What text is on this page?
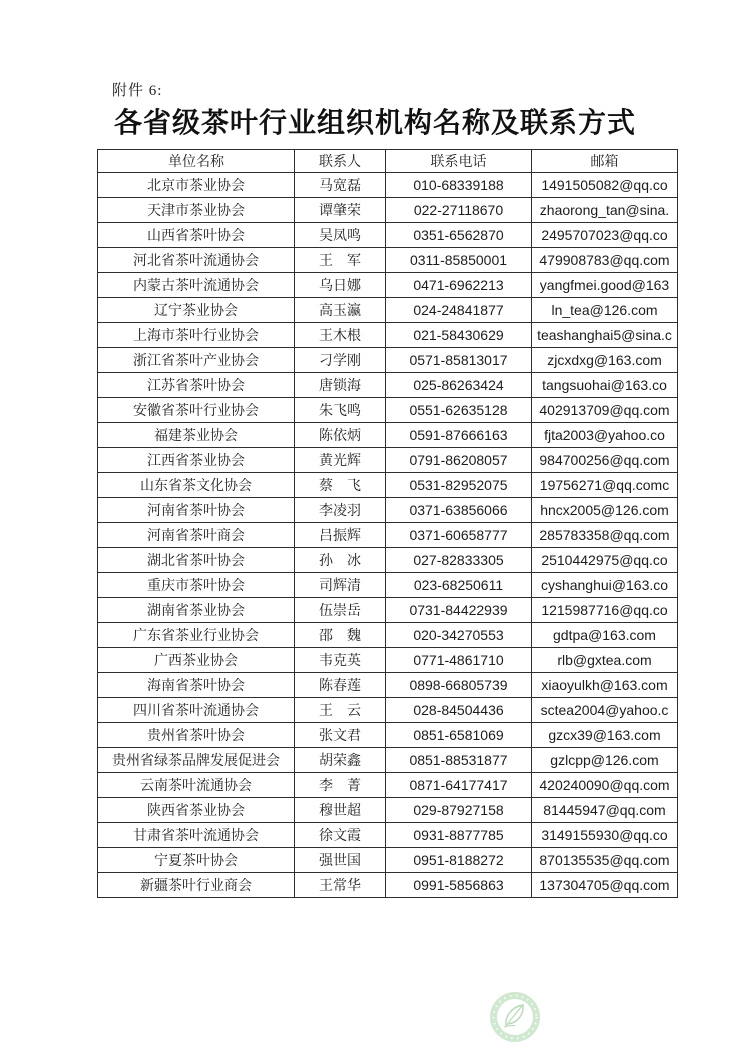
附件 6:
各省级茶叶行业组织机构名称及联系方式
单位名称	联系人	联系电话	邮箱
北京市茶业协会	马宽磊	010-68339188	1491505082@qq.co
天津市茶业协会	谭肇荣	022-27118670	zhaorong_tan@sina.
山西省茶叶协会	吴凤鸣	0351-6562870	2495707023@qq.co
河北省茶叶流通协会	王　军	0311-85850001	479908783@qq.com
内蒙古茶叶流通协会	乌日娜	0471-6962213	yangfmei.good@163
辽宁茶业协会	高玉瀛	024-24841877	ln_tea@126.com
上海市茶叶行业协会	王木根	021-58430629	teashanghai5@sina.c
浙江省茶叶产业协会	刁学刚	0571-85813017	zjcxdxg@163.com
江苏省茶叶协会	唐锁海	025-86263424	tangsuohai@163.co
安徽省茶叶行业协会	朱飞鸣	0551-62635128	402913709@qq.com
福建茶业协会	陈依炳	0591-87666163	fjta2003@yahoo.co
江西省茶业协会	黄光辉	0791-86208057	984700256@qq.com
山东省茶文化协会	蔡　飞	0531-82952075	19756271@qq.comc
河南省茶叶协会	李凌羽	0371-63856066	hncx2005@126.com
河南省茶叶商会	吕振辉	0371-60658777	285783358@qq.com
湖北省茶叶协会	孙　冰	027-82833305	2510442975@qq.co
重庆市茶叶协会	司辉清	023-68250611	cyshanghui@163.co
湖南省茶业协会	伍崇岳	0731-84422939	1215987716@qq.co
广东省茶业行业协会	邵　魏	020-34270553	gdtpa@163.com
广西茶业协会	韦克英	0771-4861710	rlb@gxtea.com
海南省茶叶协会	陈春莲	0898-66805739	xiaoyulkh@163.com
四川省茶叶流通协会	王　云	028-84504436	sctea2004@yahoo.c
贵州省茶叶协会	张文君	0851-6581069	gzcx39@163.com
贵州省绿茶品牌发展促进会	胡荣鑫	0851-88531877	gzlcpp@126.com
云南茶叶流通协会	李　菁	0871-64177417	420240090@qq.com
陕西省茶业协会	穆世超	029-87927158	81445947@qq.com
甘肃省茶叶流通协会	徐文霞	0931-8877785	3149155930@qq.co
宁夏茶叶协会	强世国	0951-8188272	870135535@qq.com
新疆茶叶行业商会	王常华	0991-5856863	137304705@qq.com
